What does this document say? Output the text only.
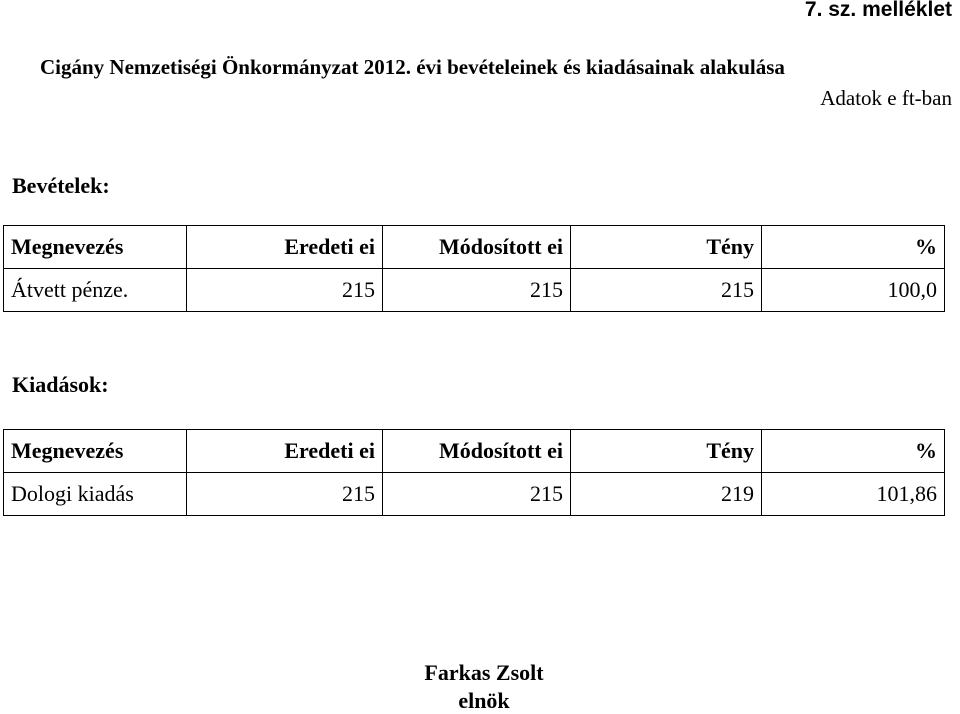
7. sz. melléklet
Cigány Nemzetiségi Önkormányzat 2012. évi bevételeinek és kiadásainak alakulása
Adatok e ft-ban
Bevételek:
Megnevezés	Eredeti ei	Módosított ei	Tény	%
Átvett pénze.	215	215	215	100,0
Kiadások:
Megnevezés	Eredeti ei	Módosított ei	Tény	%
Dologi kiadás	215	215	219	101,86
Farkas Zsolt
elnök
